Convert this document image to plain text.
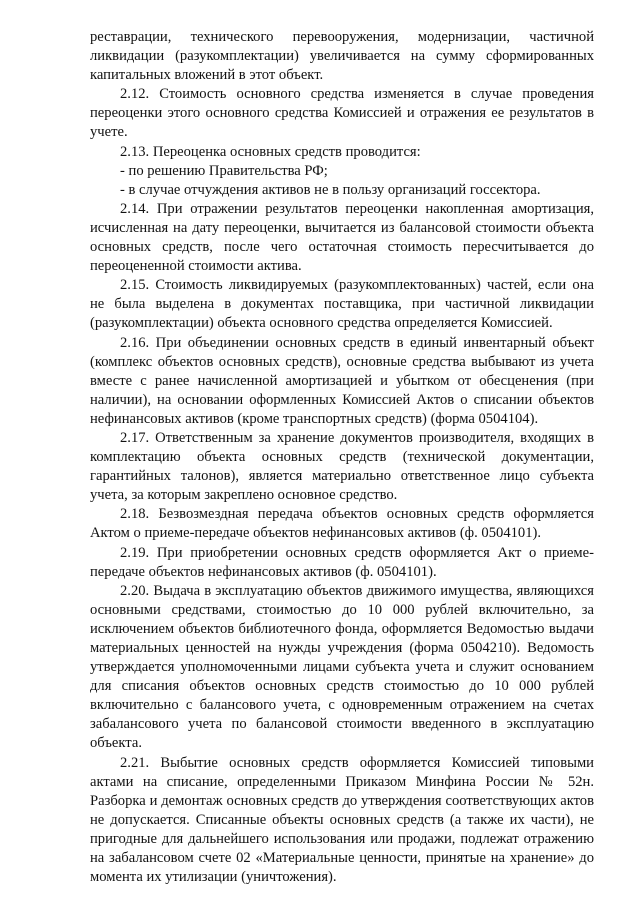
реставрации, технического перевооружения, модернизации, частичной ликвидации (разукомплектации) увеличивается на сумму сформированных капитальных вложений в этот объект.

2.12. Стоимость основного средства изменяется в случае проведения переоценки этого основного средства Комиссией и отражения ее результатов в учете.

2.13. Переоценка основных средств проводится:

- по решению Правительства РФ;

- в случае отчуждения активов не в пользу организаций госсектора.

2.14. При отражении результатов переоценки накопленная амортизация, исчисленная на дату переоценки, вычитается из балансовой стоимости объекта основных средств, после чего остаточная стоимость пересчитывается до переоцененной стоимости актива.

2.15. Стоимость ликвидируемых (разукомплектованных) частей, если она не была выделена в документах поставщика, при частичной ликвидации (разукомплектации) объекта основного средства определяется Комиссией.

2.16. При объединении основных средств в единый инвентарный объект (комплекс объектов основных средств), основные средства выбывают из учета вместе с ранее начисленной амортизацией и убытком от обесценения (при наличии), на основании оформленных Комиссией Актов о списании объектов нефинансовых активов (кроме транспортных средств) (форма 0504104).

2.17. Ответственным за хранение документов производителя, входящих в комплектацию объекта основных средств (технической документации, гарантийных талонов), является материально ответственное лицо субъекта учета, за которым закреплено основное средство.

2.18. Безвозмездная передача объектов основных средств оформляется Актом о приеме-передаче объектов нефинансовых активов (ф. 0504101).

2.19. При приобретении основных средств оформляется Акт о приеме-передаче объектов нефинансовых активов (ф. 0504101).

2.20. Выдача в эксплуатацию объектов движимого имущества, являющихся основными средствами, стоимостью до 10 000 рублей включительно, за исключением объектов библиотечного фонда, оформляется Ведомостью выдачи материальных ценностей на нужды учреждения (форма 0504210). Ведомость утверждается уполномоченными лицами субъекта учета и служит основанием для списания объектов основных средств стоимостью до 10 000 рублей включительно с балансового учета, с одновременным отражением на счетах забалансового учета по балансовой стоимости введенного в эксплуатацию объекта.

2.21. Выбытие основных средств оформляется Комиссией типовыми актами на списание, определенными Приказом Минфина России № 52н. Разборка и демонтаж основных средств до утверждения соответствующих актов не допускается. Списанные объекты основных средств (а также их части), не пригодные для дальнейшего использования или продажи, подлежат отражению на забалансовом счете 02 «Материальные ценности, принятые на хранение» до момента их утилизации (уничтожения).
